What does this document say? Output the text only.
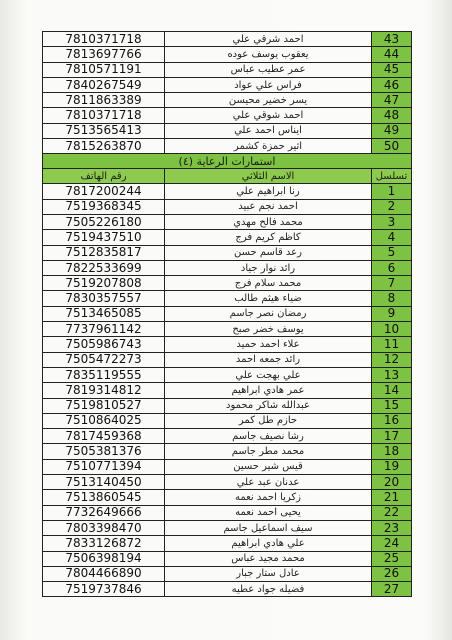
7810371718	احمد شرقي علي	43
7813697766	يعقوب يوسف عوده	44
7810571191	عمر عطيب عباس	45
7840267549	فراس علي عواد	46
7811863389	يسر خضير محيسن	47
7810371718	احمد شوقي علي	48
7513565413	ايناس احمد علي	49
7815263870	اثير حمزة كشمر	50
استمارات الرعاية (٤)		
رقم الهاتف	الاسم الثلاثي	تسلسل
7817200244	رنا ابراهيم علي	1
7519368345	احمد نجم عبيد	2
7505226180	محمد فالح مهدي	3
7519437510	كاظم كريم فرج	4
7512835817	رعد قاسم حسن	5
7822533699	رائد نوار جياد	6
7519207808	محمد سلام فرج	7
7830357557	ضياء هيثم طالب	8
7513465085	رمضان نصر جاسم	9
7737961142	يوسف خضر صبح	10
7505986743	علاء احمد حميد	11
7505472273	رائد جمعه احمد	12
7835119555	علي بهجت علي	13
7819314812	عمر هادي ابراهيم	14
7519810527	عبدالله شاكر محمود	15
7510864025	حازم طل كمر	16
7817459368	رشا نصيف جاسم	17
7505381376	محمد مطر جاسم	18
7510771394	قيس شير حسين	19
7513140450	عدنان عبد علي	20
7513860545	زكريا احمد نعمه	21
7732649666	يحيى احمد نعمه	22
7803398470	سيف اسماعيل جاسم	23
7833126872	علي هادي ابراهيم	24
7506398194	محمد مجيد عباس	25
7804466890	عادل ستار جبار	26
7519737846	فضيله جواد عطيه	27
